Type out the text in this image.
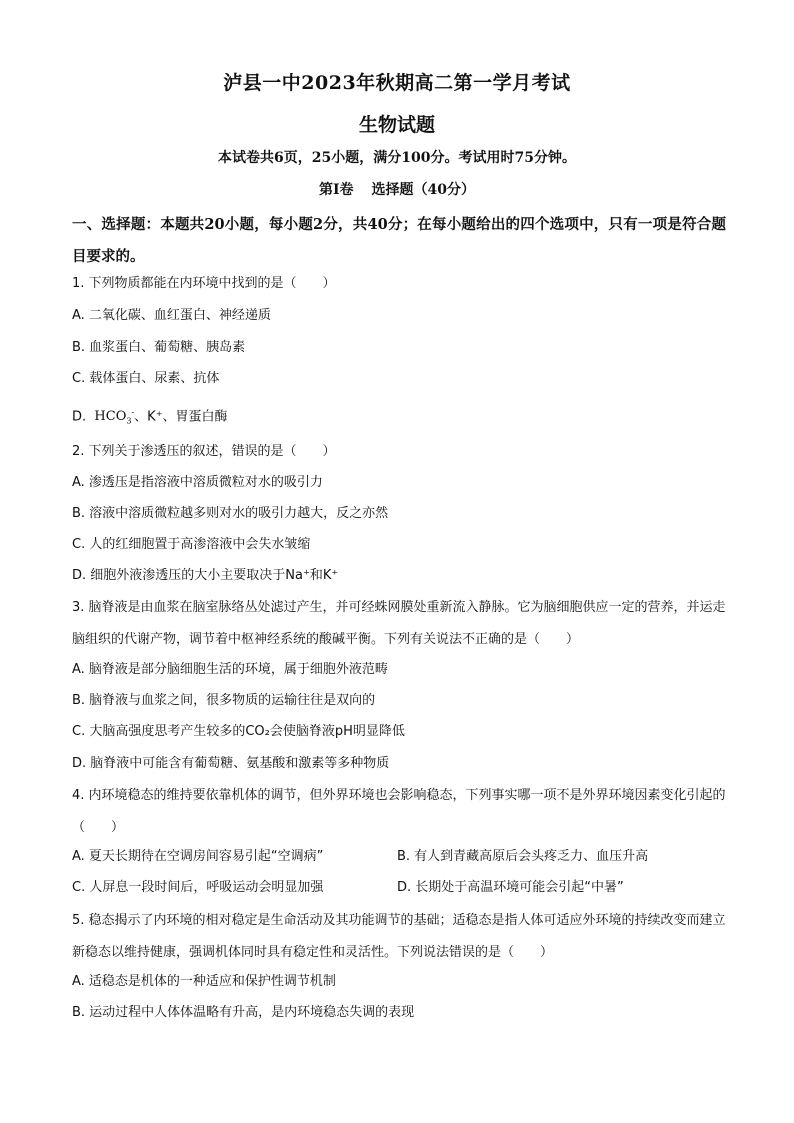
泸县一中2023年秋期高二第一学月考试
生物试题
本试卷共6页，25小题，满分100分。考试用时75分钟。
第Ⅰ卷 选择题（40分）
一、选择题：本题共20小题，每小题2分，共40分；在每小题给出的四个选项中，只有一项是符合题目要求的。
1. 下列物质都能在内环境中找到的是（　　）
A. 二氧化碳、血红蛋白、神经递质
B. 血浆蛋白、葡萄糖、胰岛素
C. 载体蛋白、尿素、抗体
D. $HCO_3^-$、K⁺、胃蛋白酶
2. 下列关于渗透压的叙述，错误的是（　　）
A. 渗透压是指溶液中溶质微粒对水的吸引力
B. 溶液中溶质微粒越多则对水的吸引力越大，反之亦然
C. 人的红细胞置于高渗溶液中会失水皱缩
D. 细胞外液渗透压的大小主要取决于Na⁺和K⁺
3. 脑脊液是由血浆在脑室脉络丛处滤过产生，并可经蛛网膜处重新流入静脉。它为脑细胞供应一定的营养，并运走脑组织的代谢产物，调节着中枢神经系统的酸碱平衡。下列有关说法不正确的是（　　）
A. 脑脊液是部分脑细胞生活的环境，属于细胞外液范畴
B. 脑脊液与血浆之间，很多物质的运输往往是双向的
C. 大脑高强度思考产生较多的CO₂会使脑脊液pH明显降低
D. 脑脊液中可能含有葡萄糖、氨基酸和激素等多种物质
4. 内环境稳态的维持要依靠机体的调节，但外界环境也会影响稳态，下列事实哪一项不是外界环境因素变化引起的（　　）
A. 夏天长期待在空调房间容易引起“空调病”	B. 有人到青藏高原后会头疼乏力、血压升高
C. 人屏息一段时间后，呼吸运动会明显加强	D. 长期处于高温环境可能会引起“中暑”
5. 稳态揭示了内环境的相对稳定是生命活动及其功能调节的基础；适稳态是指人体可适应外环境的持续改变而建立新稳态以维持健康，强调机体同时具有稳定性和灵活性。下列说法错误的是（　　）
A. 适稳态是机体的一种适应和保护性调节机制
B. 运动过程中人体体温略有升高，是内环境稳态失调的表现
